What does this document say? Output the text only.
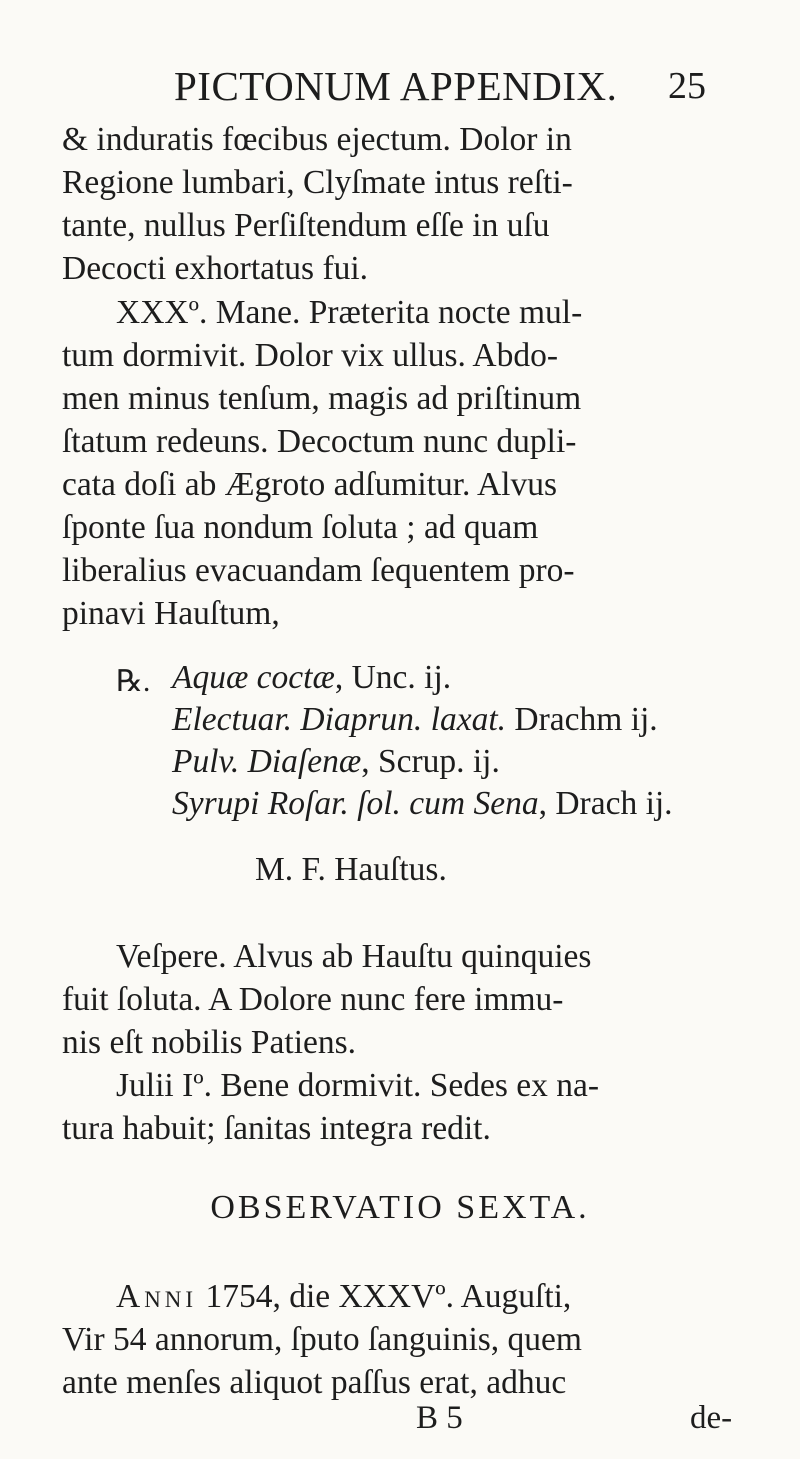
PICTONUM APPENDIX. 25
& induratis fœcibus ejectum. Dolor in
Regione lumbari, Clyſmate intus reſti-
tante, nullus Perſiſtendum eſſe in uſu
Decocti exhortatus fui.
XXXº. Mane. Præterita nocte mul-
tum dormivit. Dolor vix ullus. Abdo-
men minus tenſum, magis ad priſtinum
ſtatum redeuns. Decoctum nunc dupli-
cata doſi ab Ægroto adſumitur. Alvus
ſponte ſua nondum ſoluta ; ad quam
liberalius evacuandam ſequentem pro-
pinavi Hauſtum,
℞. Aquæ coctæ, Unc. ij.
Electuar. Diaprun. laxat. Drachm ij.
Pulv. Diaſenæ, Scrup. ij.
Syrupi Roſar. ſol. cum Sena, Drach ij.
M. F. Hauſtus.
Veſpere. Alvus ab Hauſtu quinquies
fuit ſoluta. A Dolore nunc fere immu-
nis eſt nobilis Patiens.
Julii Iº. Bene dormivit. Sedes ex na-
tura habuit; ſanitas integra redit.
OBSERVATIO SEXTA.
Anni 1754, die XXXVº. Auguſti,
Vir 54 annorum, ſputo ſanguinis, quem
ante menſes aliquot paſſus erat, adhuc
B 5	de-
